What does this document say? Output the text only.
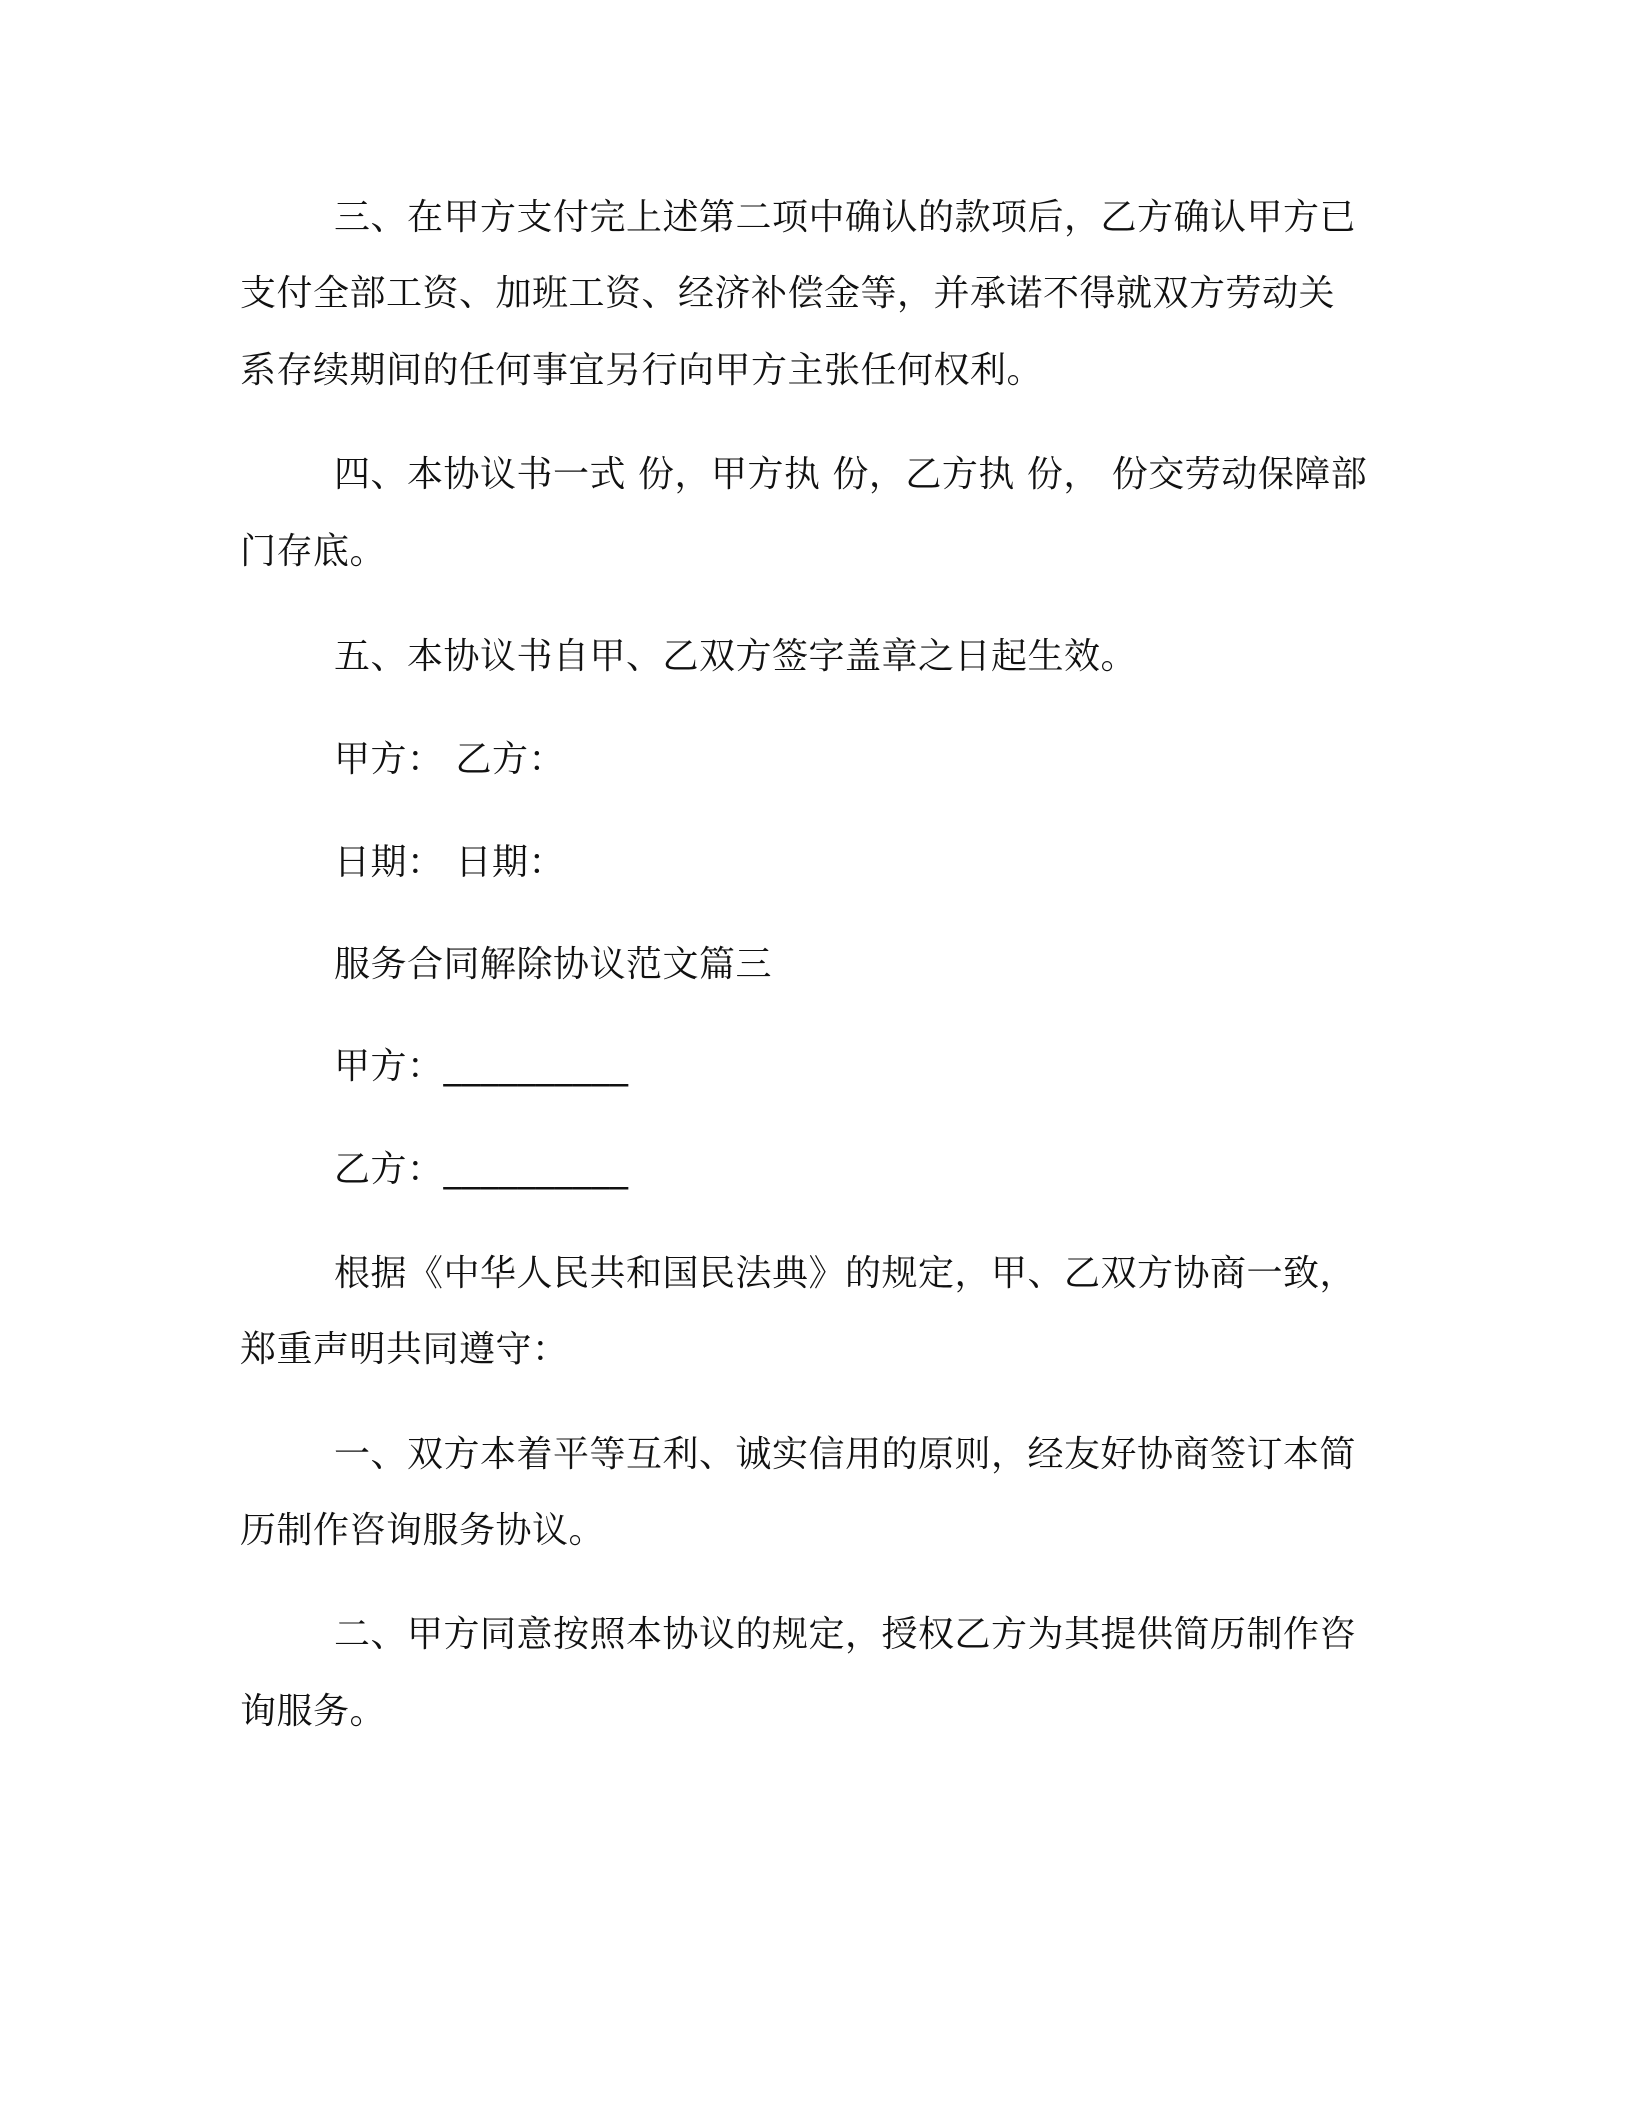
三、在甲方支付完上述第二项中确认的款项后，乙方确认甲方已
支付全部工资、加班工资、经济补偿金等，并承诺不得就双方劳动关
系存续期间的任何事宜另行向甲方主张任何权利。
四、本协议书一式 份，甲方执 份，乙方执 份， 份交劳动保障部
门存底。
五、本协议书自甲、乙双方签字盖章之日起生效。
甲方： 乙方：
日期： 日期：
服务合同解除协议范文篇三
甲方：__________
乙方：__________
根据《中华人民共和国民法典》的规定，甲、乙双方协商一致，
郑重声明共同遵守：
一、双方本着平等互利、诚实信用的原则，经友好协商签订本简
历制作咨询服务协议。
二、甲方同意按照本协议的规定，授权乙方为其提供简历制作咨
询服务。
